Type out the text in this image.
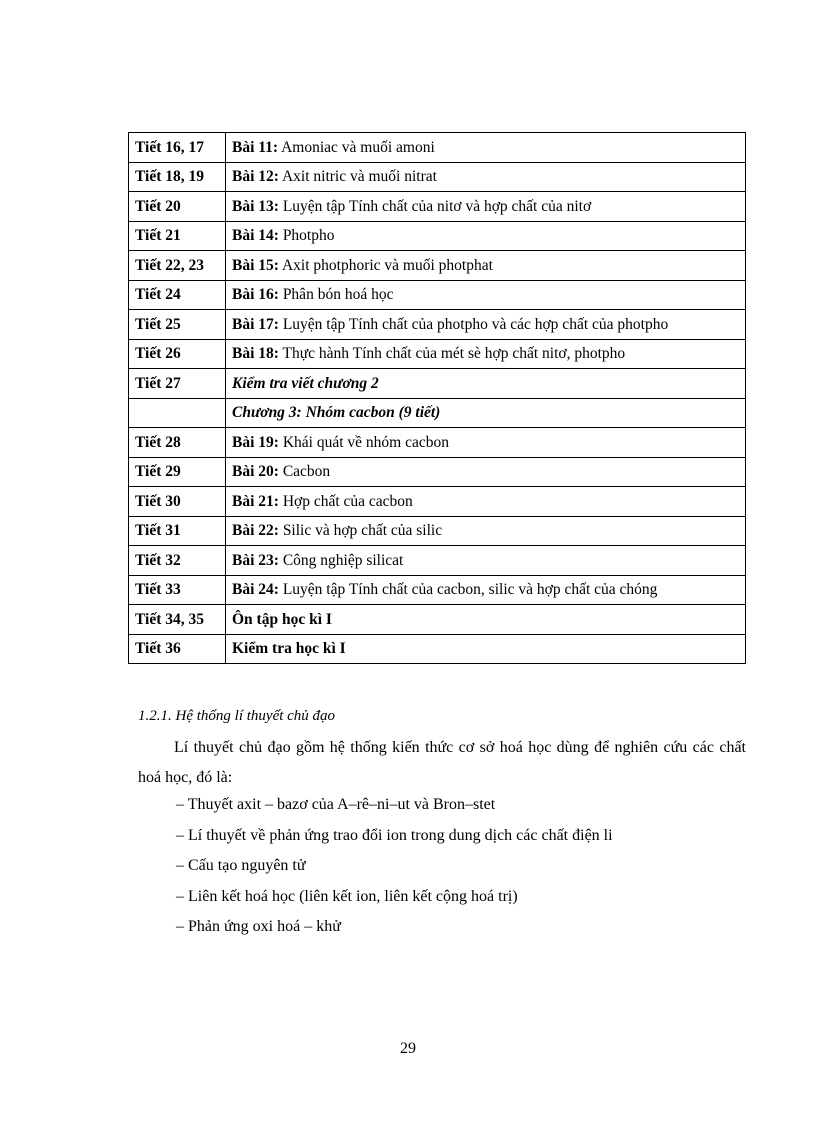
Tiết 16, 17	Bài 11: Amoniac và muối amoni
Tiết 18, 19	Bài 12: Axit nitric và muối nitrat
Tiết 20	Bài 13: Luyện tập Tính chất của nitơ và hợp chất của nitơ
Tiết 21	Bài 14: Photpho
Tiết 22, 23	Bài 15: Axit photphoric và muối photphat
Tiết 24	Bài 16: Phân bón hoá học
Tiết 25	Bài 17: Luyện tập Tính chất của photpho và các hợp chất của photpho
Tiết 26	Bài 18: Thực hành Tính chất của mét sè hợp chất nitơ, photpho
Tiết 27	Kiểm tra viết chương 2
	Chương 3: Nhóm cacbon (9 tiết)
Tiết 28	Bài 19: Khái quát về nhóm cacbon
Tiết 29	Bài 20: Cacbon
Tiết 30	Bài 21: Hợp chất của cacbon
Tiết 31	Bài 22: Silic và hợp chất của silic
Tiết 32	Bài 23: Công nghiệp silicat
Tiết 33	Bài 24: Luyện tập Tính chất của cacbon, silic và hợp chất của chóng
Tiết 34, 35	Ôn tập học kì I
Tiết 36	Kiểm tra học kì I
1.2.1. Hệ thống lí thuyết chủ đạo

Lí thuyết chủ đạo gồm hệ thống kiến thức cơ sở hoá học dùng để nghiên cứu các chất hoá học, đó là:

– Thuyết axit – bazơ của A–rê–ni–ut và Bron–stet
– Lí thuyết về phản ứng trao đổi ion trong dung dịch các chất điện li
– Cấu tạo nguyên tử
– Liên kết hoá học (liên kết ion, liên kết cộng hoá trị)
– Phản ứng oxi hoá – khử
29
